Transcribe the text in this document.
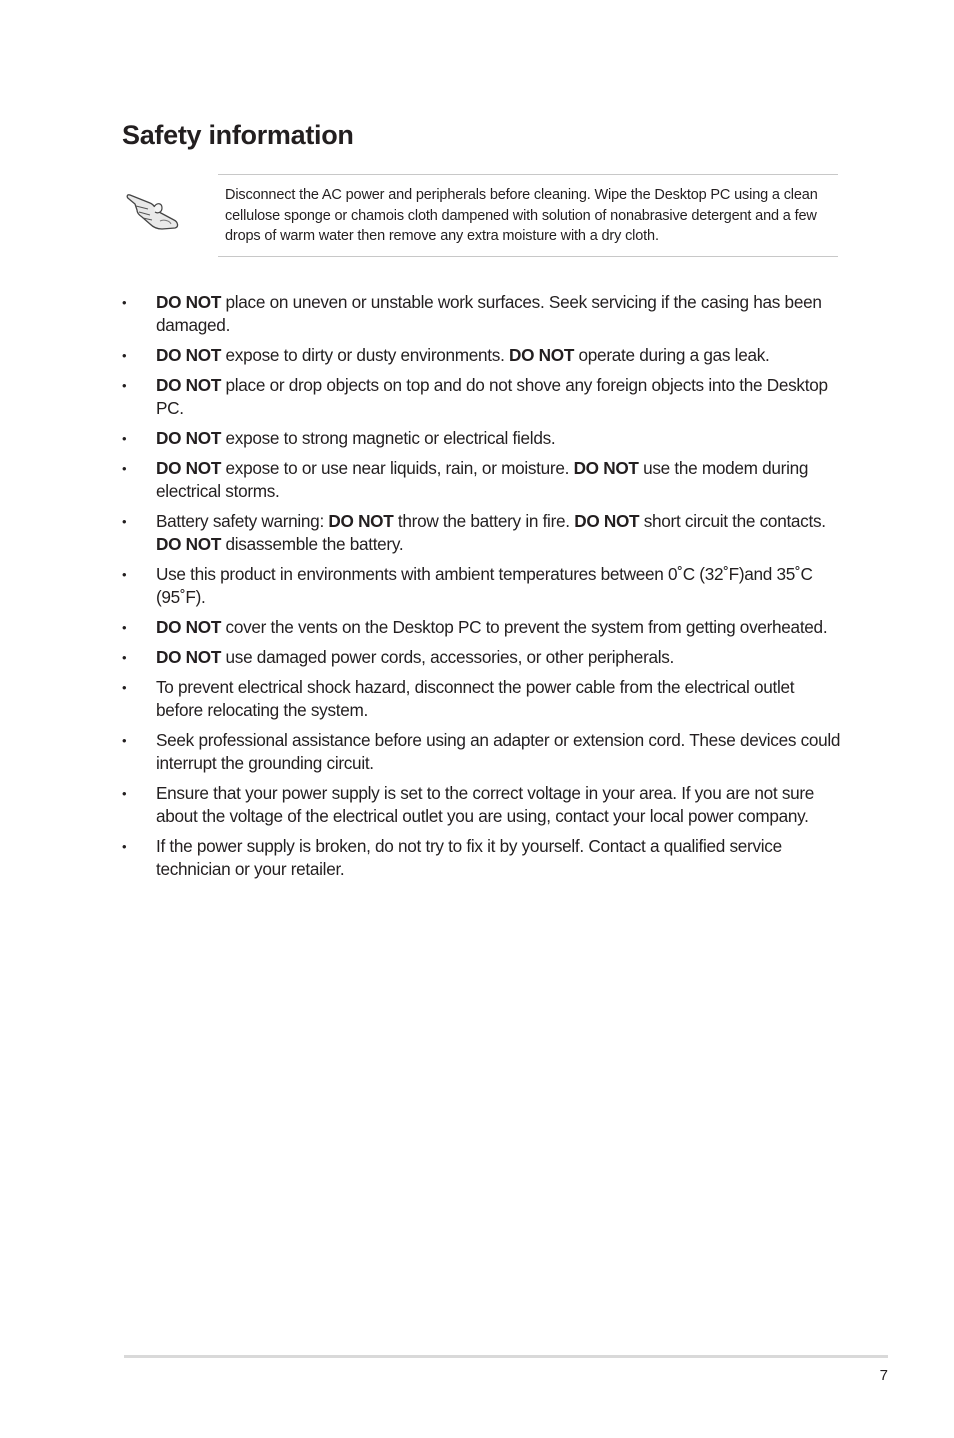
Safety information

Disconnect the AC power and peripherals before cleaning. Wipe the Desktop PC using a clean cellulose sponge or chamois cloth dampened with solution of nonabrasive detergent and a few drops of warm water then remove any extra moisture with a dry cloth.

• DO NOT place on uneven or unstable work surfaces. Seek servicing if the casing has been damaged.
• DO NOT expose to dirty or dusty environments. DO NOT operate during a gas leak.
• DO NOT place or drop objects on top and do not shove any foreign objects into the Desktop PC.
• DO NOT expose to strong magnetic or electrical fields.
• DO NOT expose to or use near liquids, rain, or moisture. DO NOT use the modem during electrical storms.
• Battery safety warning: DO NOT throw the battery in fire. DO NOT short circuit the contacts. DO NOT disassemble the battery.
• Use this product in environments with ambient temperatures between 0˚C (32˚F)and 35˚C (95˚F).
• DO NOT cover the vents on the Desktop PC to prevent the system from getting overheated.
• DO NOT use damaged power cords, accessories, or other peripherals.
• To prevent electrical shock hazard, disconnect the power cable from the electrical outlet before relocating the system.
• Seek professional assistance before using an adapter or extension cord. These devices could interrupt the grounding circuit.
• Ensure that your power supply is set to the correct voltage in your area. If you are not sure about the voltage of the electrical outlet you are using, contact your local power company.
• If the power supply is broken, do not try to fix it by yourself. Contact a qualified service technician or your retailer.
7
